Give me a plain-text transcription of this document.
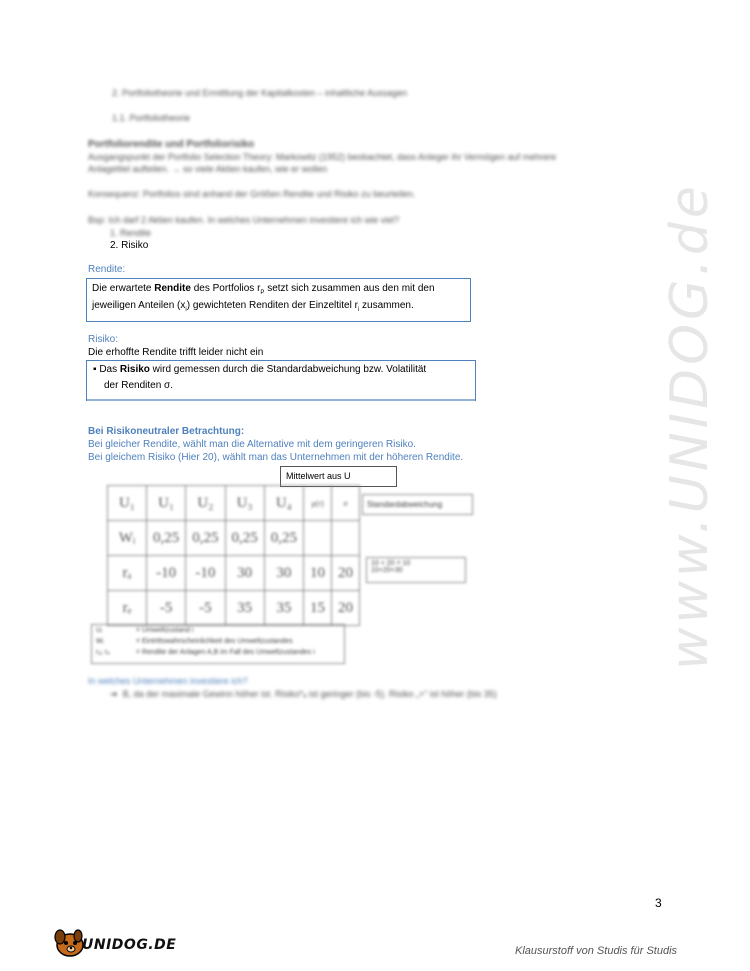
www.UNIDOG.de
2. Portfoliotheorie und Ermittlung der Kapitalkosten – inhaltliche Aussagen
1.1. Portfoliotheorie
Portfoliorendite und Portfoliorisiko
Ausgangspunkt der Portfolio Selection Theory: Markowitz (1952) beobachtet, dass Anleger ihr Vermögen auf mehrere
Anlagetitel aufteilen. → so viele Aktien kaufen, wie er wollen
Konsequenz: Portfolios sind anhand der Größen Rendite und Risiko zu beurteilen.
Bsp: Ich darf 2 Aktien kaufen. In welches Unternehmen investiere ich wie viel?
1. Rendite
2. Risiko
Rendite:
Die erwartete Rendite des Portfolios $r_P$ setzt sich zusammen aus den mit den
jeweiligen Anteilen $(x_i)$ gewichteten Renditen der Einzeltitel $r_i$ zusammen.
Risiko:
Die erhoffte Rendite trifft leider nicht ein
▪ Das Risiko wird gemessen durch die Standardabweichung bzw. Volatilität
der Renditen σ.
Bei Risikoneutraler Betrachtung:
Bei gleicher Rendite, wählt man die Alternative mit dem geringeren Risiko.
Bei gleichem Risiko (Hier 20), wählt man das Unternehmen mit der höheren Rendite.
Mittelwert aus U
U₁	U₁	U₂	U₃	U₄	μ(r)	σ
Wᵢ	0,25	0,25	0,25	0,25		
rₐ	-10	-10	30	30	10	20
rₑ	-5	-5	35	35	15	20
Standardabweichung
10 + 20 = 10
10+20+30
Uᵢ	= Umweltzustand i
Wᵢ	= Eintrittswahrscheinlichkeit des Umweltzustandes
rₐ; rₑ	= Rendite der Anlagen A,B im Fall des Umweltzustandes i
In welches Unternehmen investiere ich?
➔ B, da der maximale Gewinn höher ist. Risiko*ₐ ist geringer (bis -5). Risiko „+“ ist höher (bis 35)
3
UNIDOG.DE	Klausurstoff von Studis für Studis
